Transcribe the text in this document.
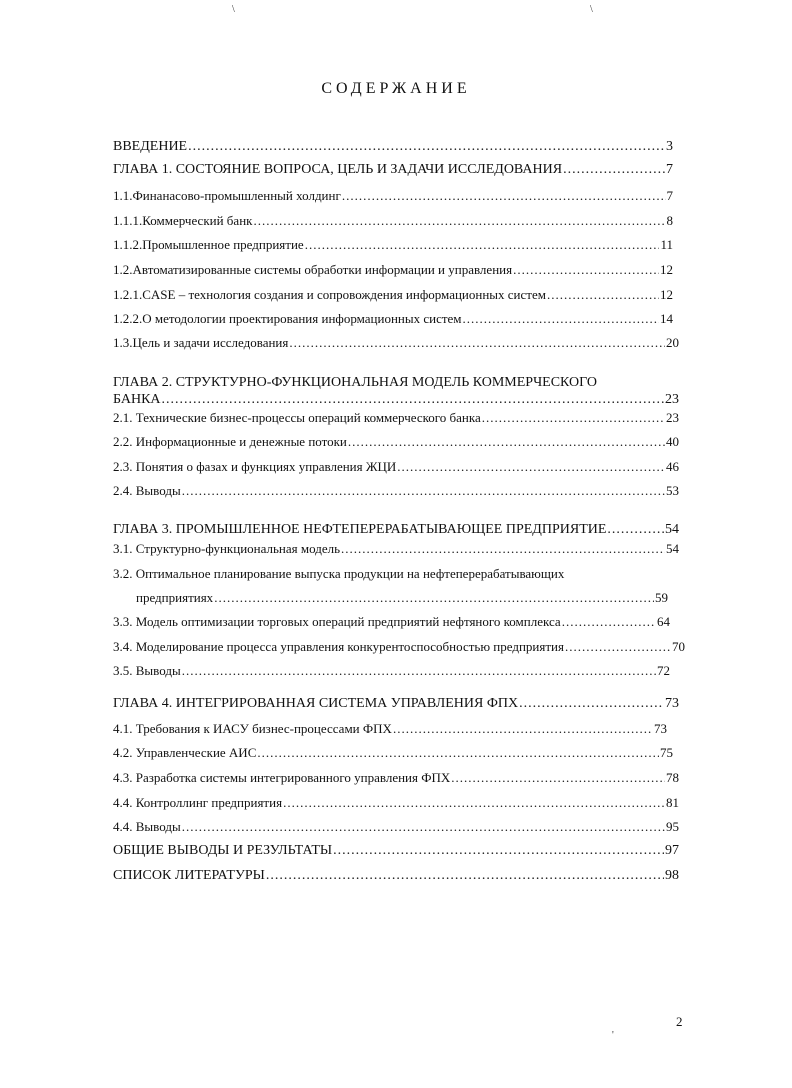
\	\
СОДЕРЖАНИЕ
ВВЕДЕНИЕ .....	3
ГЛАВА 1. СОСТОЯНИЕ ВОПРОСА, ЦЕЛЬ И ЗАДАЧИ ИССЛЕДОВАНИЯ .....	7
1.1. Финанасово-промышленный холдинг .....	7
1.1.1. Коммерческий банк .....	8
1.1.2. Промышленное предприятие .....	11
1.2. Автоматизированные системы обработки информации и управления .....	12
1.2.1. CASE – технология создания и сопровождения информационных систем .....	12
1.2.2. О методологии проектирования информационных систем .....	14
1.3. Цель и задачи исследования .....	20
ГЛАВА 2. СТРУКТУРНО-ФУНКЦИОНАЛЬНАЯ МОДЕЛЬ КОММЕРЧЕСКОГО
БАНКА .....	23
2.1. Технические бизнес-процессы операций коммерческого банка .....	23
2.2. Информационные и денежные потоки .....	40
2.3. Понятия о фазах и функциях управления ЖЦИ .....	46
2.4. Выводы .....	53
ГЛАВА 3. ПРОМЫШЛЕННОЕ НЕФТЕПЕРЕРАБАТЫВАЮЩЕЕ ПРЕДПРИЯТИЕ .....	54
3.1. Структурно-функциональная модель .....	54
3.2. Оптимальное планирование выпуска продукции на нефтеперерабатывающих
предприятиях .....	59
3.3. Модель оптимизации торговых операций предприятий нефтяного комплекса .....	64
3.4. Моделирование процесса управления конкурентоспособностью предприятия .....	70
3.5. Выводы .....	72
ГЛАВА 4. ИНТЕГРИРОВАННАЯ СИСТЕМА УПРАВЛЕНИЯ ФПХ .....	73
4.1. Требования к ИАСУ бизнес-процессами ФПХ .....	73
4.2. Управленческие АИС .....	75
4.3. Разработка системы интегрированного управления ФПХ .....	78
4.4. Контроллинг предприятия .....	81
4.4. Выводы .....	95
ОБЩИЕ ВЫВОДЫ И РЕЗУЛЬТАТЫ .....	97
СПИСОК ЛИТЕРАТУРЫ .....	98
2
'
